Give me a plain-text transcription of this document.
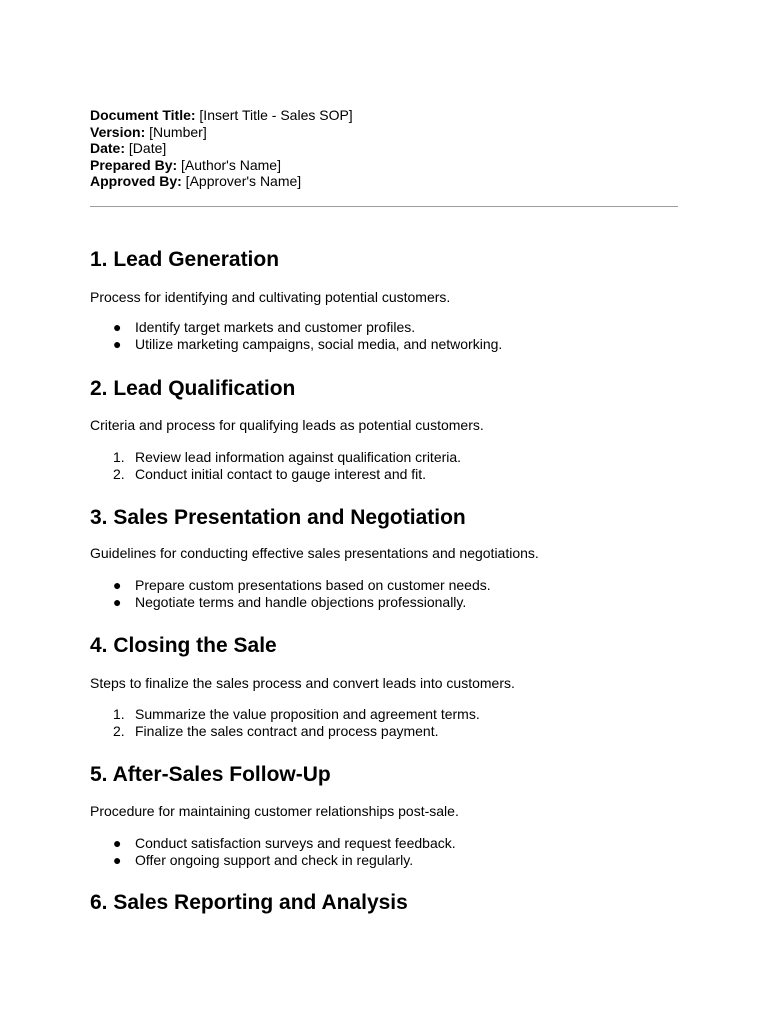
Document Title: [Insert Title - Sales SOP]
Version: [Number]
Date: [Date]
Prepared By: [Author's Name]
Approved By: [Approver's Name]
1. Lead Generation

Process for identifying and cultivating potential customers.

● Identify target markets and customer profiles.
● Utilize marketing campaigns, social media, and networking.
2. Lead Qualification

Criteria and process for qualifying leads as potential customers.

1. Review lead information against qualification criteria.
2. Conduct initial contact to gauge interest and fit.
3. Sales Presentation and Negotiation

Guidelines for conducting effective sales presentations and negotiations.

● Prepare custom presentations based on customer needs.
● Negotiate terms and handle objections professionally.
4. Closing the Sale

Steps to finalize the sales process and convert leads into customers.

1. Summarize the value proposition and agreement terms.
2. Finalize the sales contract and process payment.
5. After-Sales Follow-Up

Procedure for maintaining customer relationships post-sale.

● Conduct satisfaction surveys and request feedback.
● Offer ongoing support and check in regularly.
6. Sales Reporting and Analysis
